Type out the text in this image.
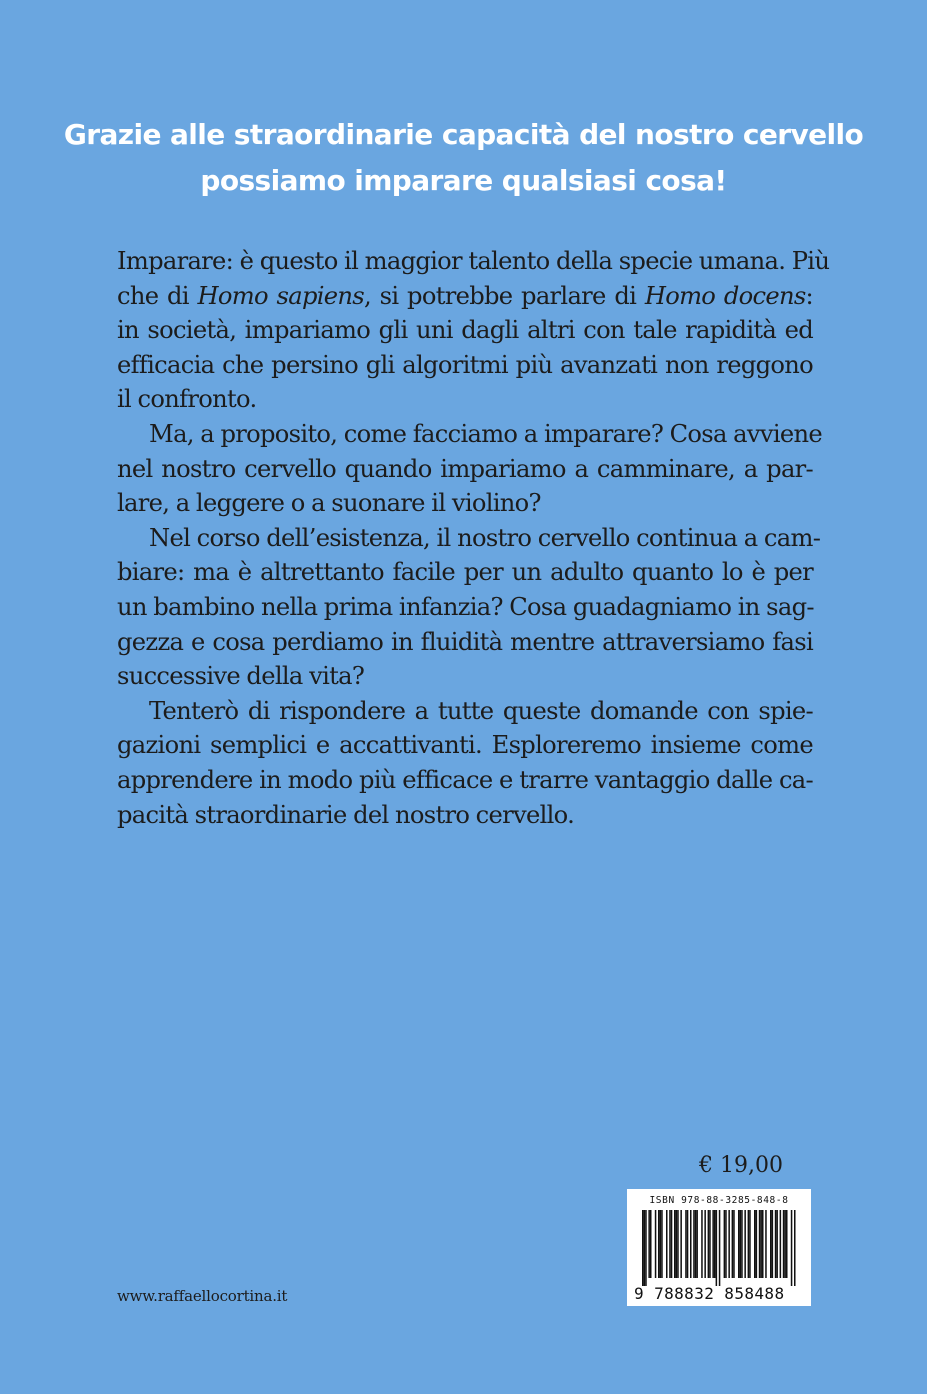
Grazie alle straordinarie capacità del nostro cervello
possiamo imparare qualsiasi cosa!

Imparare: è questo il maggior talento della specie umana. Più
che di Homo sapiens, si potrebbe parlare di Homo docens:
in società, impariamo gli uni dagli altri con tale rapidità ed
efficacia che persino gli algoritmi più avanzati non reggono
il confronto.

Ma, a proposito, come facciamo a imparare? Cosa avviene
nel nostro cervello quando impariamo a camminare, a par-
lare, a leggere o a suonare il violino?

Nel corso dell’esistenza, il nostro cervello continua a cam-
biare: ma è altrettanto facile per un adulto quanto lo è per
un bambino nella prima infanzia? Cosa guadagniamo in sag-
gezza e cosa perdiamo in fluidità mentre attraversiamo fasi
successive della vita?

Tenterò di rispondere a tutte queste domande con spie-
gazioni semplici e accattivanti. Esploreremo insieme come
apprendere in modo più efficace e trarre vantaggio dalle ca-
pacità straordinarie del nostro cervello.

€ 19,00
ISBN 978-88-3285-848-8
9 788832 858488
www.raffaellocortina.it
